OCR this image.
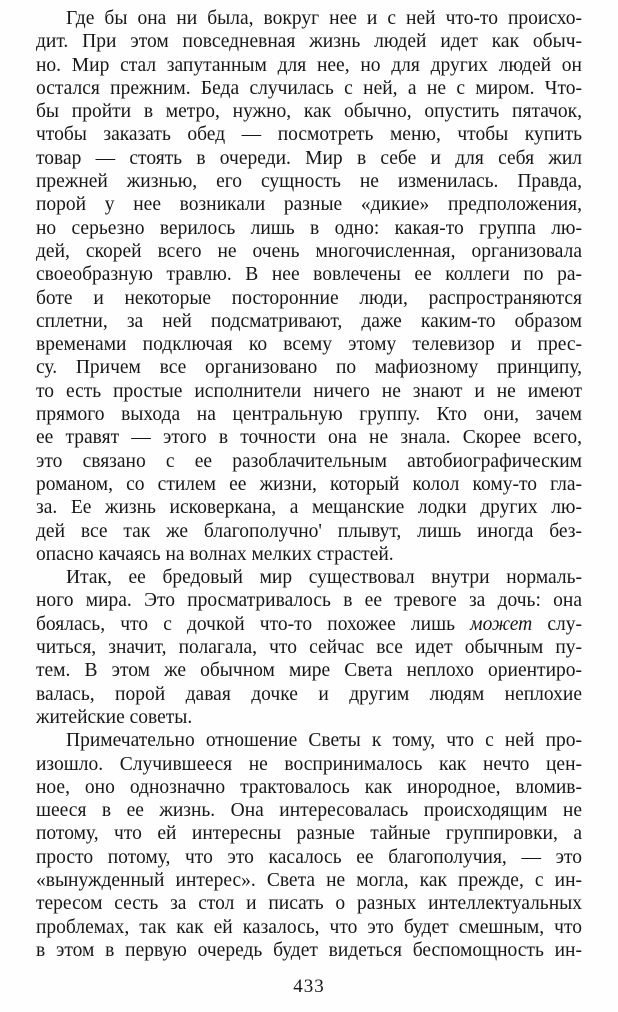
Где бы она ни была, вокруг нее и с ней что-то происхо-
дит. При этом повседневная жизнь людей идет как обыч-
но. Мир стал запутанным для нее, но для других людей он
остался прежним. Беда случилась с ней, а не с миром. Что-
бы пройти в метро, нужно, как обычно, опустить пятачок,
чтобы заказать обед — посмотреть меню, чтобы купить
товар — стоять в очереди. Мир в себе и для себя жил
прежней жизнью, его сущность не изменилась. Правда,
порой у нее возникали разные «дикие» предположения,
но серьезно верилось лишь в одно: какая-то группа лю-
дей, скорей всего не очень многочисленная, организовала
своеобразную травлю. В нее вовлечены ее коллеги по ра-
боте и некоторые посторонние люди, распространяются
сплетни, за ней подсматривают, даже каким-то образом
временами подключая ко всему этому телевизор и прес-
су. Причем все организовано по мафиозному принципу,
то есть простые исполнители ничего не знают и не имеют
прямого выхода на центральную группу. Кто они, зачем
ее травят — этого в точности она не знала. Скорее всего,
это связано с ее разоблачительным автобиографическим
романом, со стилем ее жизни, который колол кому-то гла-
за. Ее жизнь исковеркана, а мещанские лодки других лю-
дей все так же благополучно' плывут, лишь иногда без-
опасно качаясь на волнах мелких страстей.
Итак, ее бредовый мир существовал внутри нормаль-
ного мира. Это просматривалось в ее тревоге за дочь: она
боялась, что с дочкой что-то похожее лишь может слу-
читься, значит, полагала, что сейчас все идет обычным пу-
тем. В этом же обычном мире Света неплохо ориентиро-
валась, порой давая дочке и другим людям неплохие
житейские советы.
Примечательно отношение Светы к тому, что с ней про-
изошло. Случившееся не воспринималось как нечто цен-
ное, оно однозначно трактовалось как инородное, вломив-
шееся в ее жизнь. Она интересовалась происходящим не
потому, что ей интересны разные тайные группировки, а
просто потому, что это касалось ее благополучия, — это
«вынужденный интерес». Света не могла, как прежде, с ин-
тересом сесть за стол и писать о разных интеллектуальных
проблемах, так как ей казалось, что это будет смешным, что
в этом в первую очередь будет видеться беспомощность ин-
433
